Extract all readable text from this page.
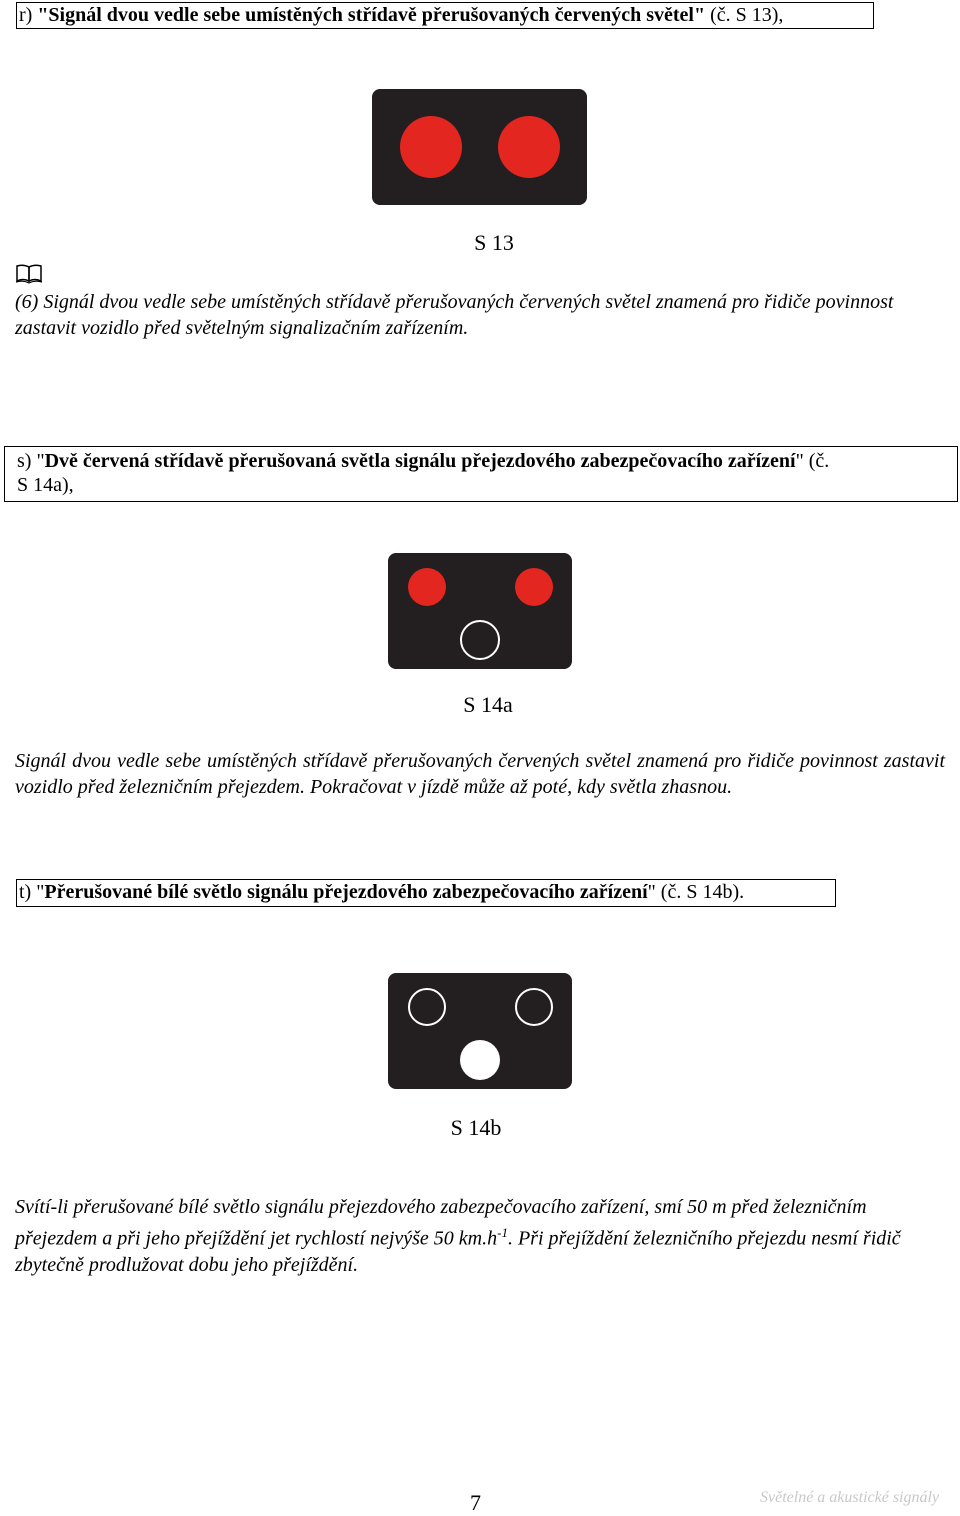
r) "Signál dvou vedle sebe umístěných střídavě přerušovaných červených světel" (č. S 13),
S 13
(6) Signál dvou vedle sebe umístěných střídavě přerušovaných červených světel znamená pro řidiče povinnost zastavit vozidlo před světelným signalizačním zařízením.
s) "Dvě červená střídavě přerušovaná světla signálu přejezdového zabezpečovacího zařízení" (č.
S 14a),
S 14a
Signál dvou vedle sebe umístěných střídavě přerušovaných červených světel znamená pro řidiče povinnost zastavit vozidlo před železničním přejezdem. Pokračovat v jízdě může až poté, kdy světla zhasnou.
t) "Přerušované bílé světlo signálu přejezdového zabezpečovacího zařízení" (č. S 14b).
S 14b
Svítí-li přerušované bílé světlo signálu přejezdového zabezpečovacího zařízení, smí 50 m před železničním přejezdem a při jeho přejíždění jet rychlostí nejvýše 50 $km.h^{-1}$. Při přejíždění železničního přejezdu nesmí řidič zbytečně prodlužovat dobu jeho přejíždění.
7	Světelné a akustické signály
